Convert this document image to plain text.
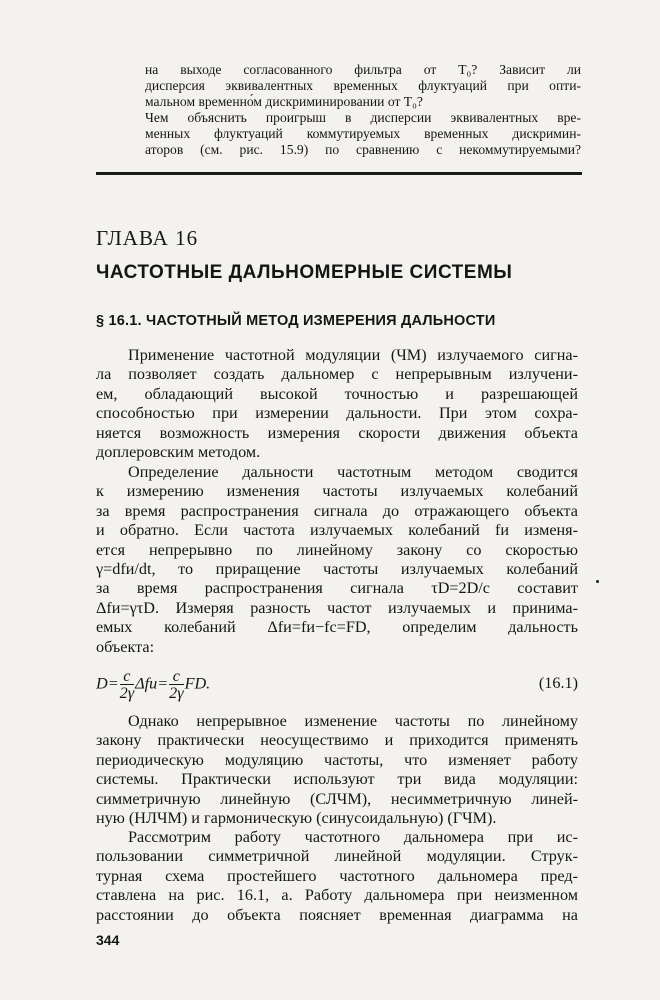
на выходе согласованного фильтра от T₀? Зависит ли
дисперсия эквивалентных временных флуктуаций при опти-
мальном временно́м дискриминировании от T₀?
Чем объяснить проигрыш в дисперсии эквивалентных вре-
менных флуктуаций коммутируемых временных дискримин-
аторов (см. рис. 15.9) по сравнению с некоммутируемыми?
ГЛАВА 16
ЧАСТОТНЫЕ ДАЛЬНОМЕРНЫЕ СИСТЕМЫ
§ 16.1. ЧАСТОТНЫЙ МЕТОД ИЗМЕРЕНИЯ ДАЛЬНОСТИ
Применение частотной модуляции (ЧМ) излучаемого сигна-
ла позволяет создать дальномер с непрерывным излучени-
ем, обладающий высокой точностью и разрешающей
способностью при измерении дальности. При этом сохра-
няется возможность измерения скорости движения объекта
доплеровским методом.
Определение дальности частотным методом сводится
к измерению изменения частоты излучаемых колебаний
за время распространения сигнала до отражающего объекта
и обратно. Если частота излучаемых колебаний fи изменя-
ется непрерывно по линейному закону со скоростью
γ=dfи/dt, то приращение частоты излучаемых колебаний
за время распространения сигнала τD=2D/c составит
Δfи=γτD. Измеряя разность частот излучаемых и принима-
емых колебаний Δfи=fи−fc=FD, определим дальность
объекта:
$D= \frac{c}{2\gamma} \Delta fи= \frac{c}{2\gamma}$ FD.	(16.1)
Однако непрерывное изменение частоты по линейному
закону практически неосуществимо и приходится применять
периодическую модуляцию частоты, что изменяет работу
системы. Практически используют три вида модуляции:
симметричную линейную (СЛЧМ), несимметричную линей-
ную (НЛЧМ) и гармоническую (синусоидальную) (ГЧМ).
Рассмотрим работу частотного дальномера при ис-
пользовании симметричной линейной модуляции. Струк-
турная схема простейшего частотного дальномера пред-
ставлена на рис. 16.1, a. Работу дальномера при неизменном
расстоянии до объекта поясняет временная диаграмма на
344
